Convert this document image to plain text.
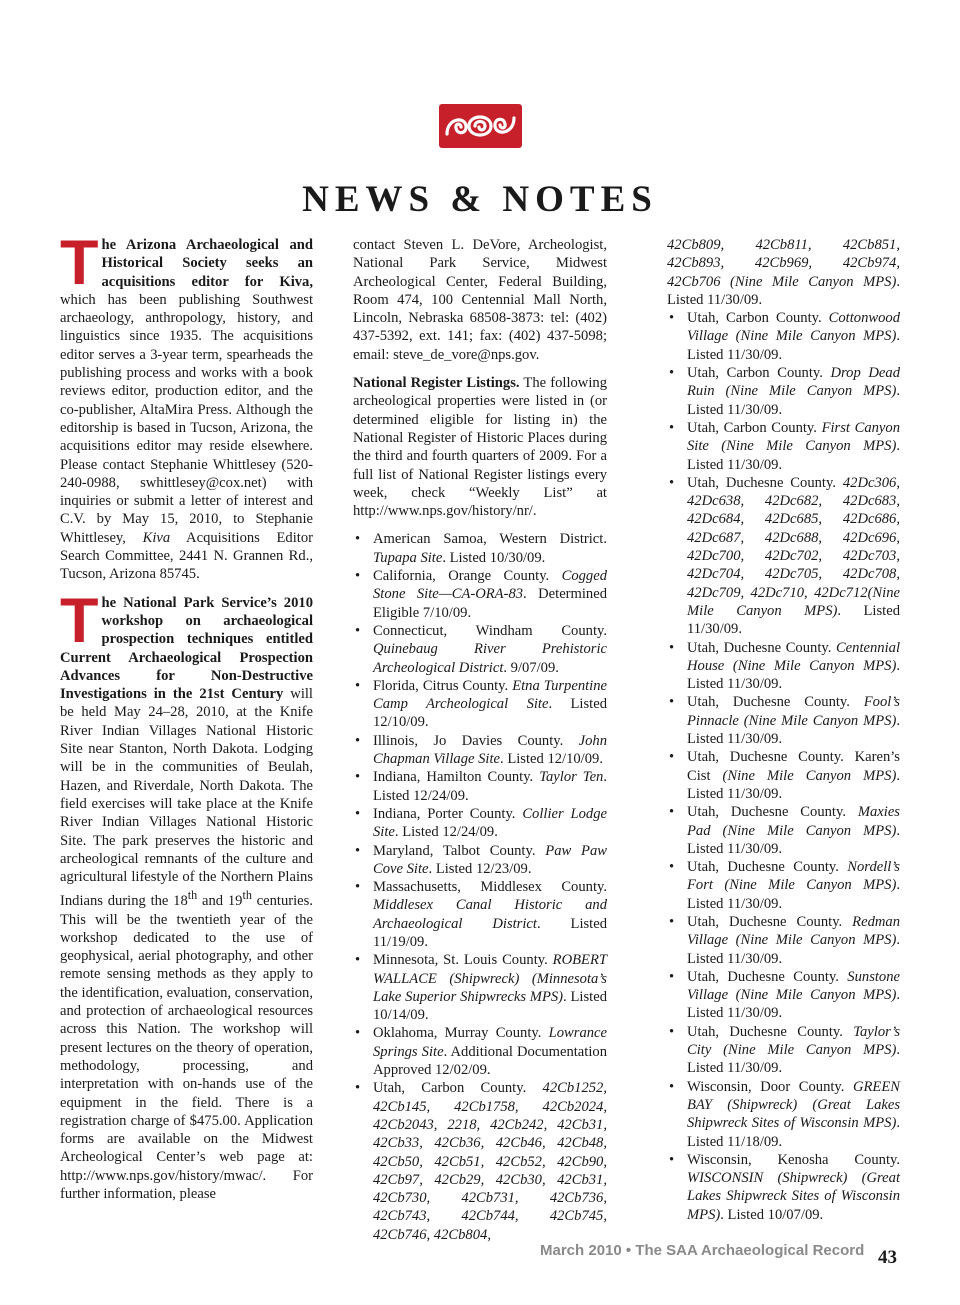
NEWS & NOTES

The Arizona Archaeological and Historical Society seeks an acquisitions editor for Kiva, which has been publishing Southwest archaeology, anthropology, history, and linguistics since 1935. The acquisitions editor serves a 3-year term, spearheads the publishing process and works with a book reviews editor, production editor, and the co-publisher, AltaMira Press. Although the editorship is based in Tucson, Arizona, the acquisitions editor may reside elsewhere. Please contact Stephanie Whittlesey (520-240-0988, swhittlesey@cox.net) with inquiries or submit a letter of interest and C.V. by May 15, 2010, to Stephanie Whittlesey, Kiva Acquisitions Editor Search Committee, 2441 N. Grannen Rd., Tucson, Arizona 85745.

The National Park Service’s 2010 workshop on archaeological prospection techniques entitled Current Archaeological Prospection Advances for Non-Destructive Investigations in the 21st Century will be held May 24–28, 2010, at the Knife River Indian Villages National Historic Site near Stanton, North Dakota. Lodging will be in the communities of Beulah, Hazen, and Riverdale, North Dakota. The field exercises will take place at the Knife River Indian Villages National Historic Site. The park preserves the historic and archeological remnants of the culture and agricultural lifestyle of the Northern Plains Indians during the 18th and 19th centuries. This will be the twentieth year of the workshop dedicated to the use of geophysical, aerial photography, and other remote sensing methods as they apply to the identification, evaluation, conservation, and protection of archaeological resources across this Nation. The workshop will present lectures on the theory of operation, methodology, processing, and interpretation with on-hands use of the equipment in the field. There is a registration charge of $475.00. Application forms are available on the Midwest Archeological Center’s web page at: http://www.nps.gov/history/mwac/. For further information, please

contact Steven L. DeVore, Archeologist, National Park Service, Midwest Archeological Center, Federal Building, Room 474, 100 Centennial Mall North, Lincoln, Nebraska 68508-3873: tel: (402) 437-5392, ext. 141; fax: (402) 437-5098; email: steve_de_vore@nps.gov.

National Register Listings. The following archeological properties were listed in (or determined eligible for listing in) the National Register of Historic Places during the third and fourth quarters of 2009. For a full list of National Register listings every week, check “Weekly List” at http://www.nps.gov/history/nr/.

• American Samoa, Western District. Tupapa Site. Listed 10/30/09.
• California, Orange County. Cogged Stone Site—CA-ORA-83. Determined Eligible 7/10/09.
• Connecticut, Windham County. Quinebaug River Prehistoric Archeological District. 9/07/09.
• Florida, Citrus County. Etna Turpentine Camp Archeological Site. Listed 12/10/09.
• Illinois, Jo Davies County. John Chapman Village Site. Listed 12/10/09.
• Indiana, Hamilton County. Taylor Ten. Listed 12/24/09.
• Indiana, Porter County. Collier Lodge Site. Listed 12/24/09.
• Maryland, Talbot County. Paw Paw Cove Site. Listed 12/23/09.
• Massachusetts, Middlesex County. Middlesex Canal Historic and Archaeological District. Listed 11/19/09.
• Minnesota, St. Louis County. ROBERT WALLACE (Shipwreck) (Minnesota’s Lake Superior Shipwrecks MPS). Listed 10/14/09.
• Oklahoma, Murray County. Lowrance Springs Site. Additional Documentation Approved 12/02/09.
• Utah, Carbon County. 42Cb1252, 42Cb145, 42Cb1758, 42Cb2024, 42Cb2043, 2218, 42Cb242, 42Cb31, 42Cb33, 42Cb36, 42Cb46, 42Cb48, 42Cb50, 42Cb51, 42Cb52, 42Cb90, 42Cb97, 42Cb29, 42Cb30, 42Cb31, 42Cb730, 42Cb731, 42Cb736, 42Cb743, 42Cb744, 42Cb745, 42Cb746, 42Cb804,
42Cb809, 42Cb811, 42Cb851, 42Cb893, 42Cb969, 42Cb974, 42Cb706 (Nine Mile Canyon MPS). Listed 11/30/09.
• Utah, Carbon County. Cottonwood Village (Nine Mile Canyon MPS). Listed 11/30/09.
• Utah, Carbon County. Drop Dead Ruin (Nine Mile Canyon MPS). Listed 11/30/09.
• Utah, Carbon County. First Canyon Site (Nine Mile Canyon MPS). Listed 11/30/09.
• Utah, Duchesne County. 42Dc306, 42Dc638, 42Dc682, 42Dc683, 42Dc684, 42Dc685, 42Dc686, 42Dc687, 42Dc688, 42Dc696, 42Dc700, 42Dc702, 42Dc703, 42Dc704, 42Dc705, 42Dc708, 42Dc709, 42Dc710, 42Dc712(Nine Mile Canyon MPS). Listed 11/30/09.
• Utah, Duchesne County. Centennial House (Nine Mile Canyon MPS). Listed 11/30/09.
• Utah, Duchesne County. Fool’s Pinnacle (Nine Mile Canyon MPS). Listed 11/30/09.
• Utah, Duchesne County. Karen’s Cist (Nine Mile Canyon MPS). Listed 11/30/09.
• Utah, Duchesne County. Maxies Pad (Nine Mile Canyon MPS). Listed 11/30/09.
• Utah, Duchesne County. Nordell’s Fort (Nine Mile Canyon MPS). Listed 11/30/09.
• Utah, Duchesne County. Redman Village (Nine Mile Canyon MPS). Listed 11/30/09.
• Utah, Duchesne County. Sunstone Village (Nine Mile Canyon MPS). Listed 11/30/09.
• Utah, Duchesne County. Taylor’s City (Nine Mile Canyon MPS). Listed 11/30/09.
• Wisconsin, Door County. GREEN BAY (Shipwreck) (Great Lakes Shipwreck Sites of Wisconsin MPS). Listed 11/18/09.
• Wisconsin, Kenosha County. WISCONSIN (Shipwreck) (Great Lakes Shipwreck Sites of Wisconsin MPS). Listed 10/07/09.
March 2010 • The SAA Archaeological Record 43
